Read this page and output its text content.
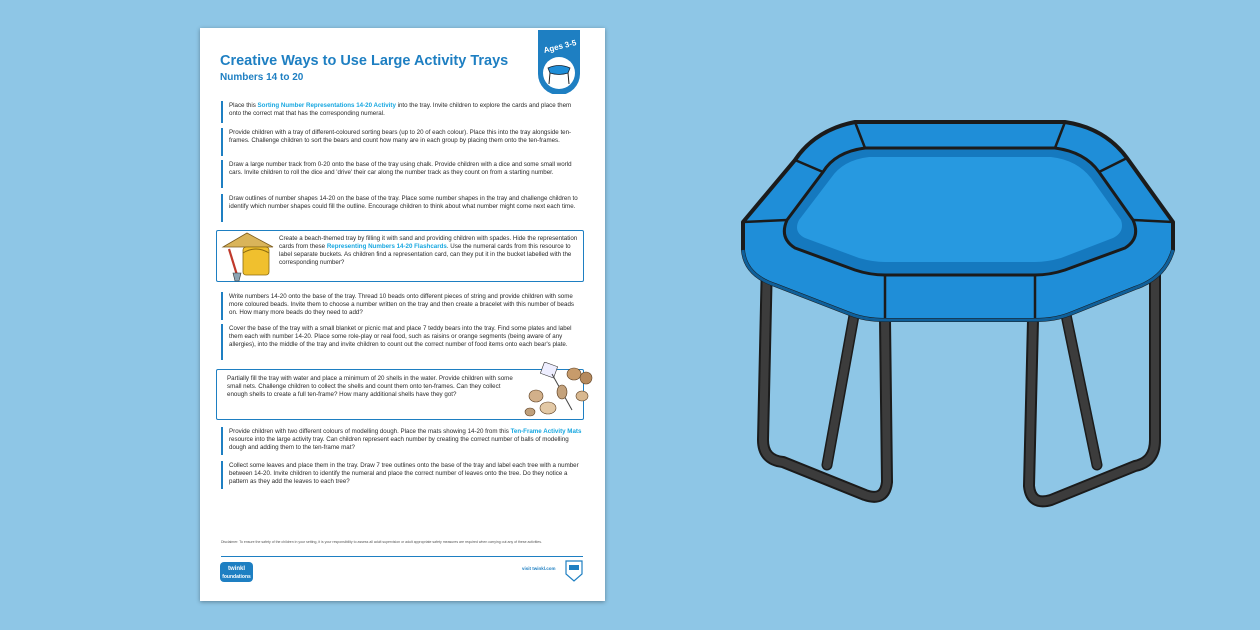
Creative Ways to Use Large Activity Trays
Numbers 14 to 20
Ages 3-5
Place this Sorting Number Representations 14-20 Activity into the tray. Invite children to explore the cards and place them onto the correct mat that has the corresponding numeral.
Provide children with a tray of different-coloured sorting bears (up to 20 of each colour). Place this into the tray alongside ten-frames. Challenge children to sort the bears and count how many are in each group by placing them onto the ten-frames.
Draw a large number track from 0-20 onto the base of the tray using chalk. Provide children with a dice and some small world cars. Invite children to roll the dice and 'drive' their car along the number track as they count on from a starting number.
Draw outlines of number shapes 14-20 on the base of the tray. Place some number shapes in the tray and challenge children to identify which number shapes could fill the outline. Encourage children to think about what number might come next each time.
Create a beach-themed tray by filling it with sand and providing children with spades. Hide the representation cards from these Representing Numbers 14-20 Flashcards. Use the numeral cards from this resource to label separate buckets. As children find a representation card, can they put it in the bucket labelled with the corresponding number?
Write numbers 14-20 onto the base of the tray. Thread 10 beads onto different pieces of string and provide children with some more coloured beads. Invite them to choose a number written on the tray and then create a bracelet with this number of beads on. How many more beads do they need to add?
Cover the base of the tray with a small blanket or picnic mat and place 7 teddy bears into the tray. Find some plates and label them each with number 14-20. Place some role-play or real food, such as raisins or orange segments (being aware of any allergies), into the middle of the tray and invite children to count out the correct number of food items onto each bear's plate.
Partially fill the tray with water and place a minimum of 20 shells in the water. Provide children with some small nets. Challenge children to collect the shells and count them onto ten-frames. Can they collect enough shells to create a full ten-frame? How many additional shells have they got?
Provide children with two different colours of modelling dough. Place the mats showing 14-20 from this Ten-Frame Activity Mats resource into the large activity tray. Can children represent each number by creating the correct number of balls of modelling dough and adding them to the ten-frame mat?
Collect some leaves and place them in the tray. Draw 7 tree outlines onto the base of the tray and label each tree with a number between 14-20. Invite children to identify the numeral and place the correct number of leaves onto the tree. Do they notice a pattern as they add the leaves to each tree?
Disclaimer: To ensure the safety of the children in your setting, it is your responsibility to assess all adult supervision or adult appropriate safety measures are required when carrying out any of these activities.
twinkl
foundations
visit twinkl.com
